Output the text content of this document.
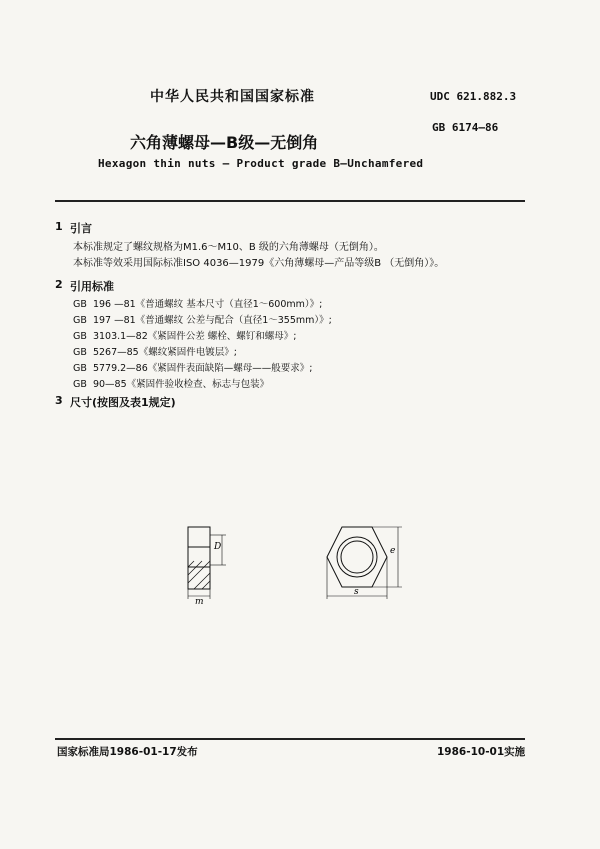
中华人民共和国国家标准	UDC 621.882.3
GB 6174—86
六角薄螺母—B级—无倒角
Hexagon thin nuts — Product grade B—Unchamfered
1 引言
本标准规定了螺纹规格为M1.6～M10、B 级的六角薄螺母（无倒角）。
本标准等效采用国际标准ISO 4036—1979《六角薄螺母—产品等级B （无倒角）》。
2 引用标准
GB 196 —81《普通螺纹 基本尺寸（直径1～600mm）》;
GB 197 —81《普通螺纹 公差与配合（直径1～355mm）》;
GB 3103.1—82《紧固件公差 螺栓、螺钉和螺母》;
GB 5267—85《螺纹紧固件电镀层》;
GB 5779.2—86《紧固件表面缺陷—螺母——般要求》;
GB 90—85《紧固件验收检查、标志与包装》
3 尺寸(按图及表1规定)
D
m
e
s
国家标准局1986-01-17发布	1986-10-01实施
